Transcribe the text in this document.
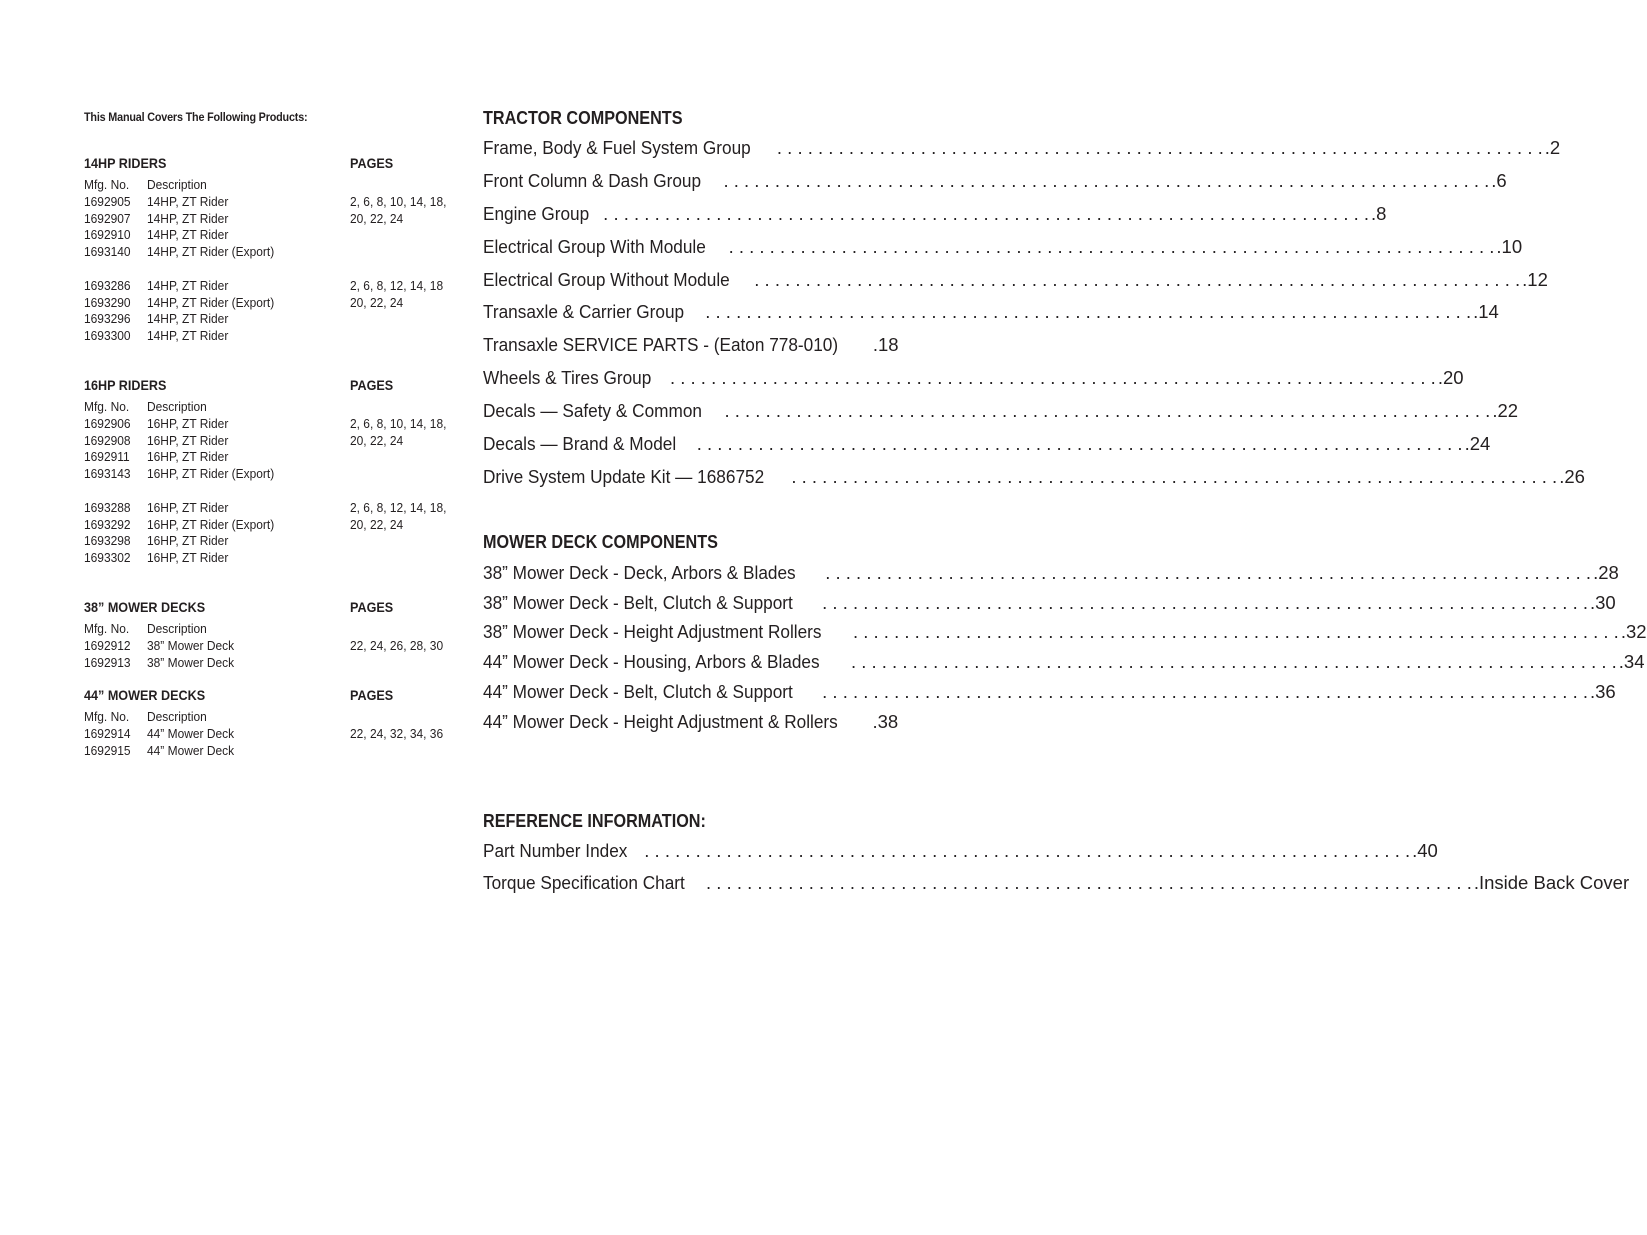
This Manual Covers The Following Products:
14HP RIDERS	PAGES
Mfg. No. Description
1692905 14HP, ZT Rider	2, 6, 8, 10, 14, 18,
1692907 14HP, ZT Rider	20, 22, 24
1692910 14HP, ZT Rider
1693140 14HP, ZT Rider (Export)
1693286 14HP, ZT Rider	2, 6, 8, 12, 14, 18
1693290 14HP, ZT Rider (Export)	20, 22, 24
1693296 14HP, ZT Rider
1693300 14HP, ZT Rider
16HP RIDERS	PAGES
Mfg. No. Description
1692906 16HP, ZT Rider	2, 6, 8, 10, 14, 18,
1692908 16HP, ZT Rider	20, 22, 24
1692911 16HP, ZT Rider
1693143 16HP, ZT Rider (Export)
1693288 16HP, ZT Rider	2, 6, 8, 12, 14, 18,
1693292 16HP, ZT Rider (Export)	20, 22, 24
1693298 16HP, ZT Rider
1693302 16HP, ZT Rider
38” MOWER DECKS	PAGES
Mfg. No. Description
1692912 38” Mower Deck	22, 24, 26, 28, 30
1692913 38” Mower Deck
44” MOWER DECKS	PAGES
Mfg. No. Description
1692914 44” Mower Deck	22, 24, 32, 34, 36
1692915 44” Mower Deck
TRACTOR COMPONENTS
Frame, Body & Fuel System Group . . .	.2
Front Column & Dash Group . . .	.6
Engine Group . . .	.8
Electrical Group With Module . . .	.10
Electrical Group Without Module . . .	.12
Transaxle & Carrier Group . . .	.14
Transaxle SERVICE PARTS - (Eaton 778-010)	.18
Wheels & Tires Group . . .	.20
Decals — Safety & Common . . .	.22
Decals — Brand & Model . . .	.24
Drive System Update Kit — 1686752 . . .	.26
MOWER DECK COMPONENTS
38” Mower Deck - Deck, Arbors & Blades . . .	.28
38” Mower Deck - Belt, Clutch & Support . . .	.30
38” Mower Deck - Height Adjustment Rollers . . .	.32
44” Mower Deck - Housing, Arbors & Blades . . .	.34
44” Mower Deck - Belt, Clutch & Support . . .	.36
44” Mower Deck - Height Adjustment & Rollers	.38
REFERENCE INFORMATION:
Part Number Index . . .	.40
Torque Specification Chart . . .	.Inside Back Cover
